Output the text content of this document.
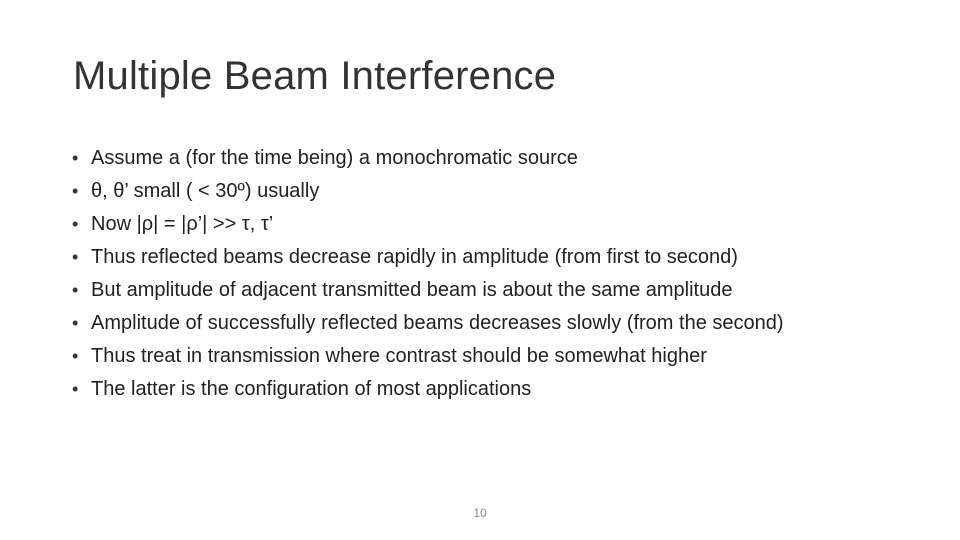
Multiple Beam Interference
• Assume a (for the time being) a monochromatic source
• θ, θ’ small ( < 30º) usually
• Now |ρ| = |ρ’| >> τ, τ’
• Thus reflected beams decrease rapidly in amplitude (from first to second)
• But amplitude of adjacent transmitted beam is about the same amplitude
• Amplitude of successfully reflected beams decreases slowly (from the second)
• Thus treat in transmission where contrast should be somewhat higher
• The latter is the configuration of most applications
10
